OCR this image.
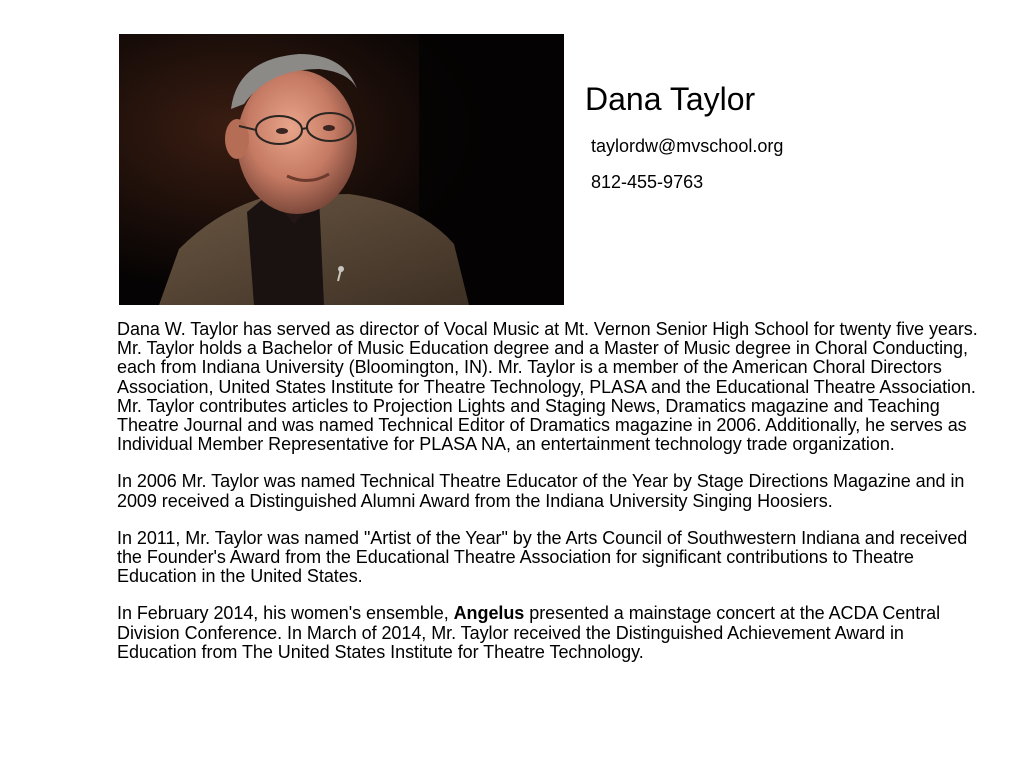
Dana Taylor
taylordw@mvschool.org
812-455-9763

Dana W. Taylor has served as director of Vocal Music at Mt. Vernon Senior High School for twenty five years. Mr. Taylor holds a Bachelor of Music Education degree and a Master of Music degree in Choral Conducting, each from Indiana University (Bloomington, IN). Mr. Taylor is a member of the American Choral Directors Association, United States Institute for Theatre Technology, PLASA and the Educational Theatre Association. Mr. Taylor contributes articles to Projection Lights and Staging News, Dramatics magazine and Teaching Theatre Journal and was named Technical Editor of Dramatics magazine in 2006. Additionally, he serves as Individual Member Representative for PLASA NA, an entertainment technology trade organization.

In 2006 Mr. Taylor was named Technical Theatre Educator of the Year by Stage Directions Magazine and in 2009 received a Distinguished Alumni Award from the Indiana University Singing Hoosiers.

In 2011, Mr. Taylor was named "Artist of the Year" by the Arts Council of Southwestern Indiana and received the Founder's Award from the Educational Theatre Association for significant contributions to Theatre Education in the United States.

In February 2014, his women's ensemble, Angelus presented a mainstage concert at the ACDA Central Division Conference. In March of 2014, Mr. Taylor received the Distinguished Achievement Award in Education from The United States Institute for Theatre Technology.
